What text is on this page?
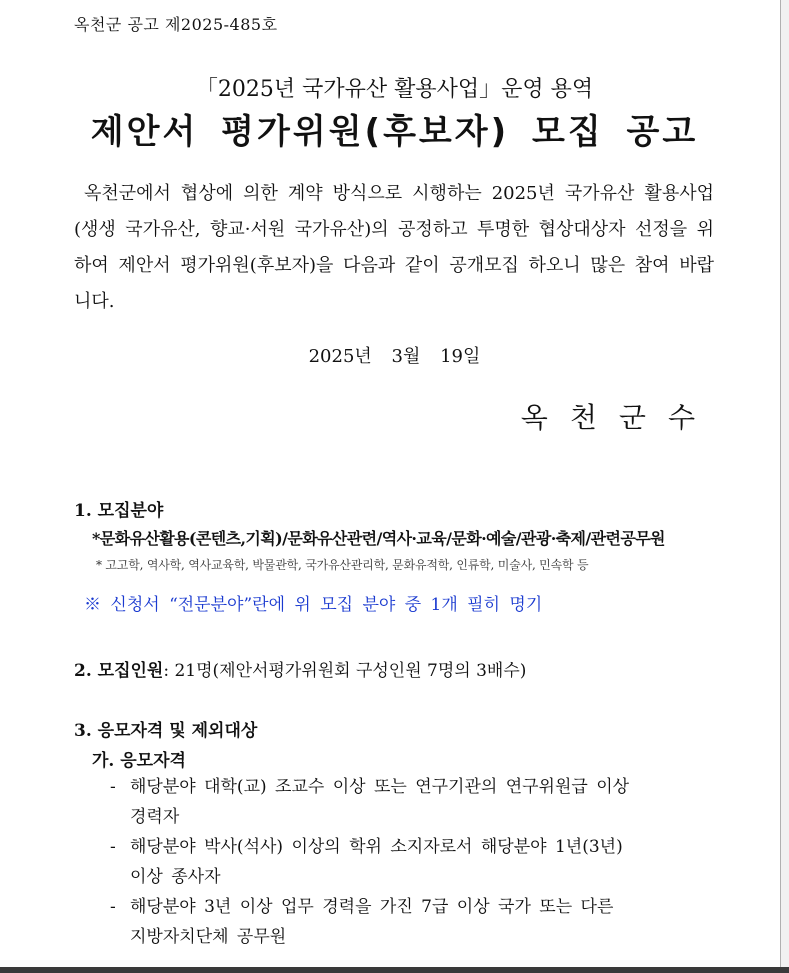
옥천군 공고 제2025-485호
「2025년 국가유산 활용사업」운영 용역
제안서 평가위원(후보자) 모집 공고
옥천군에서 협상에 의한 계약 방식으로 시행하는 2025년 국가유산 활용사업(생생 국가유산, 향교·서원 국가유산)의 공정하고 투명한 협상대상자 선정을 위하여 제안서 평가위원(후보자)을 다음과 같이 공개모집 하오니 많은 참여 바랍니다.
2025년 3월 19일
옥천군수
1. 모집분야
*문화유산활용(콘텐츠,기획)/문화유산관련/역사·교육/문화·예술/관광·축제/관련공무원
* 고고학, 역사학, 역사교육학, 박물관학, 국가유산관리학, 문화유적학, 인류학, 미술사, 민속학 등
※ 신청서 “전문분야”란에 위 모집 분야 중 1개 필히 명기
2. 모집인원: 21명(제안서평가위원회 구성인원 7명의 3배수)
3. 응모자격 및 제외대상
가. 응모자격
- 해당분야 대학(교) 조교수 이상 또는 연구기관의 연구위원급 이상
경력자
- 해당분야 박사(석사) 이상의 학위 소지자로서 해당분야 1년(3년)
이상 종사자
- 해당분야 3년 이상 업무 경력을 가진 7급 이상 국가 또는 다른
지방자치단체 공무원
